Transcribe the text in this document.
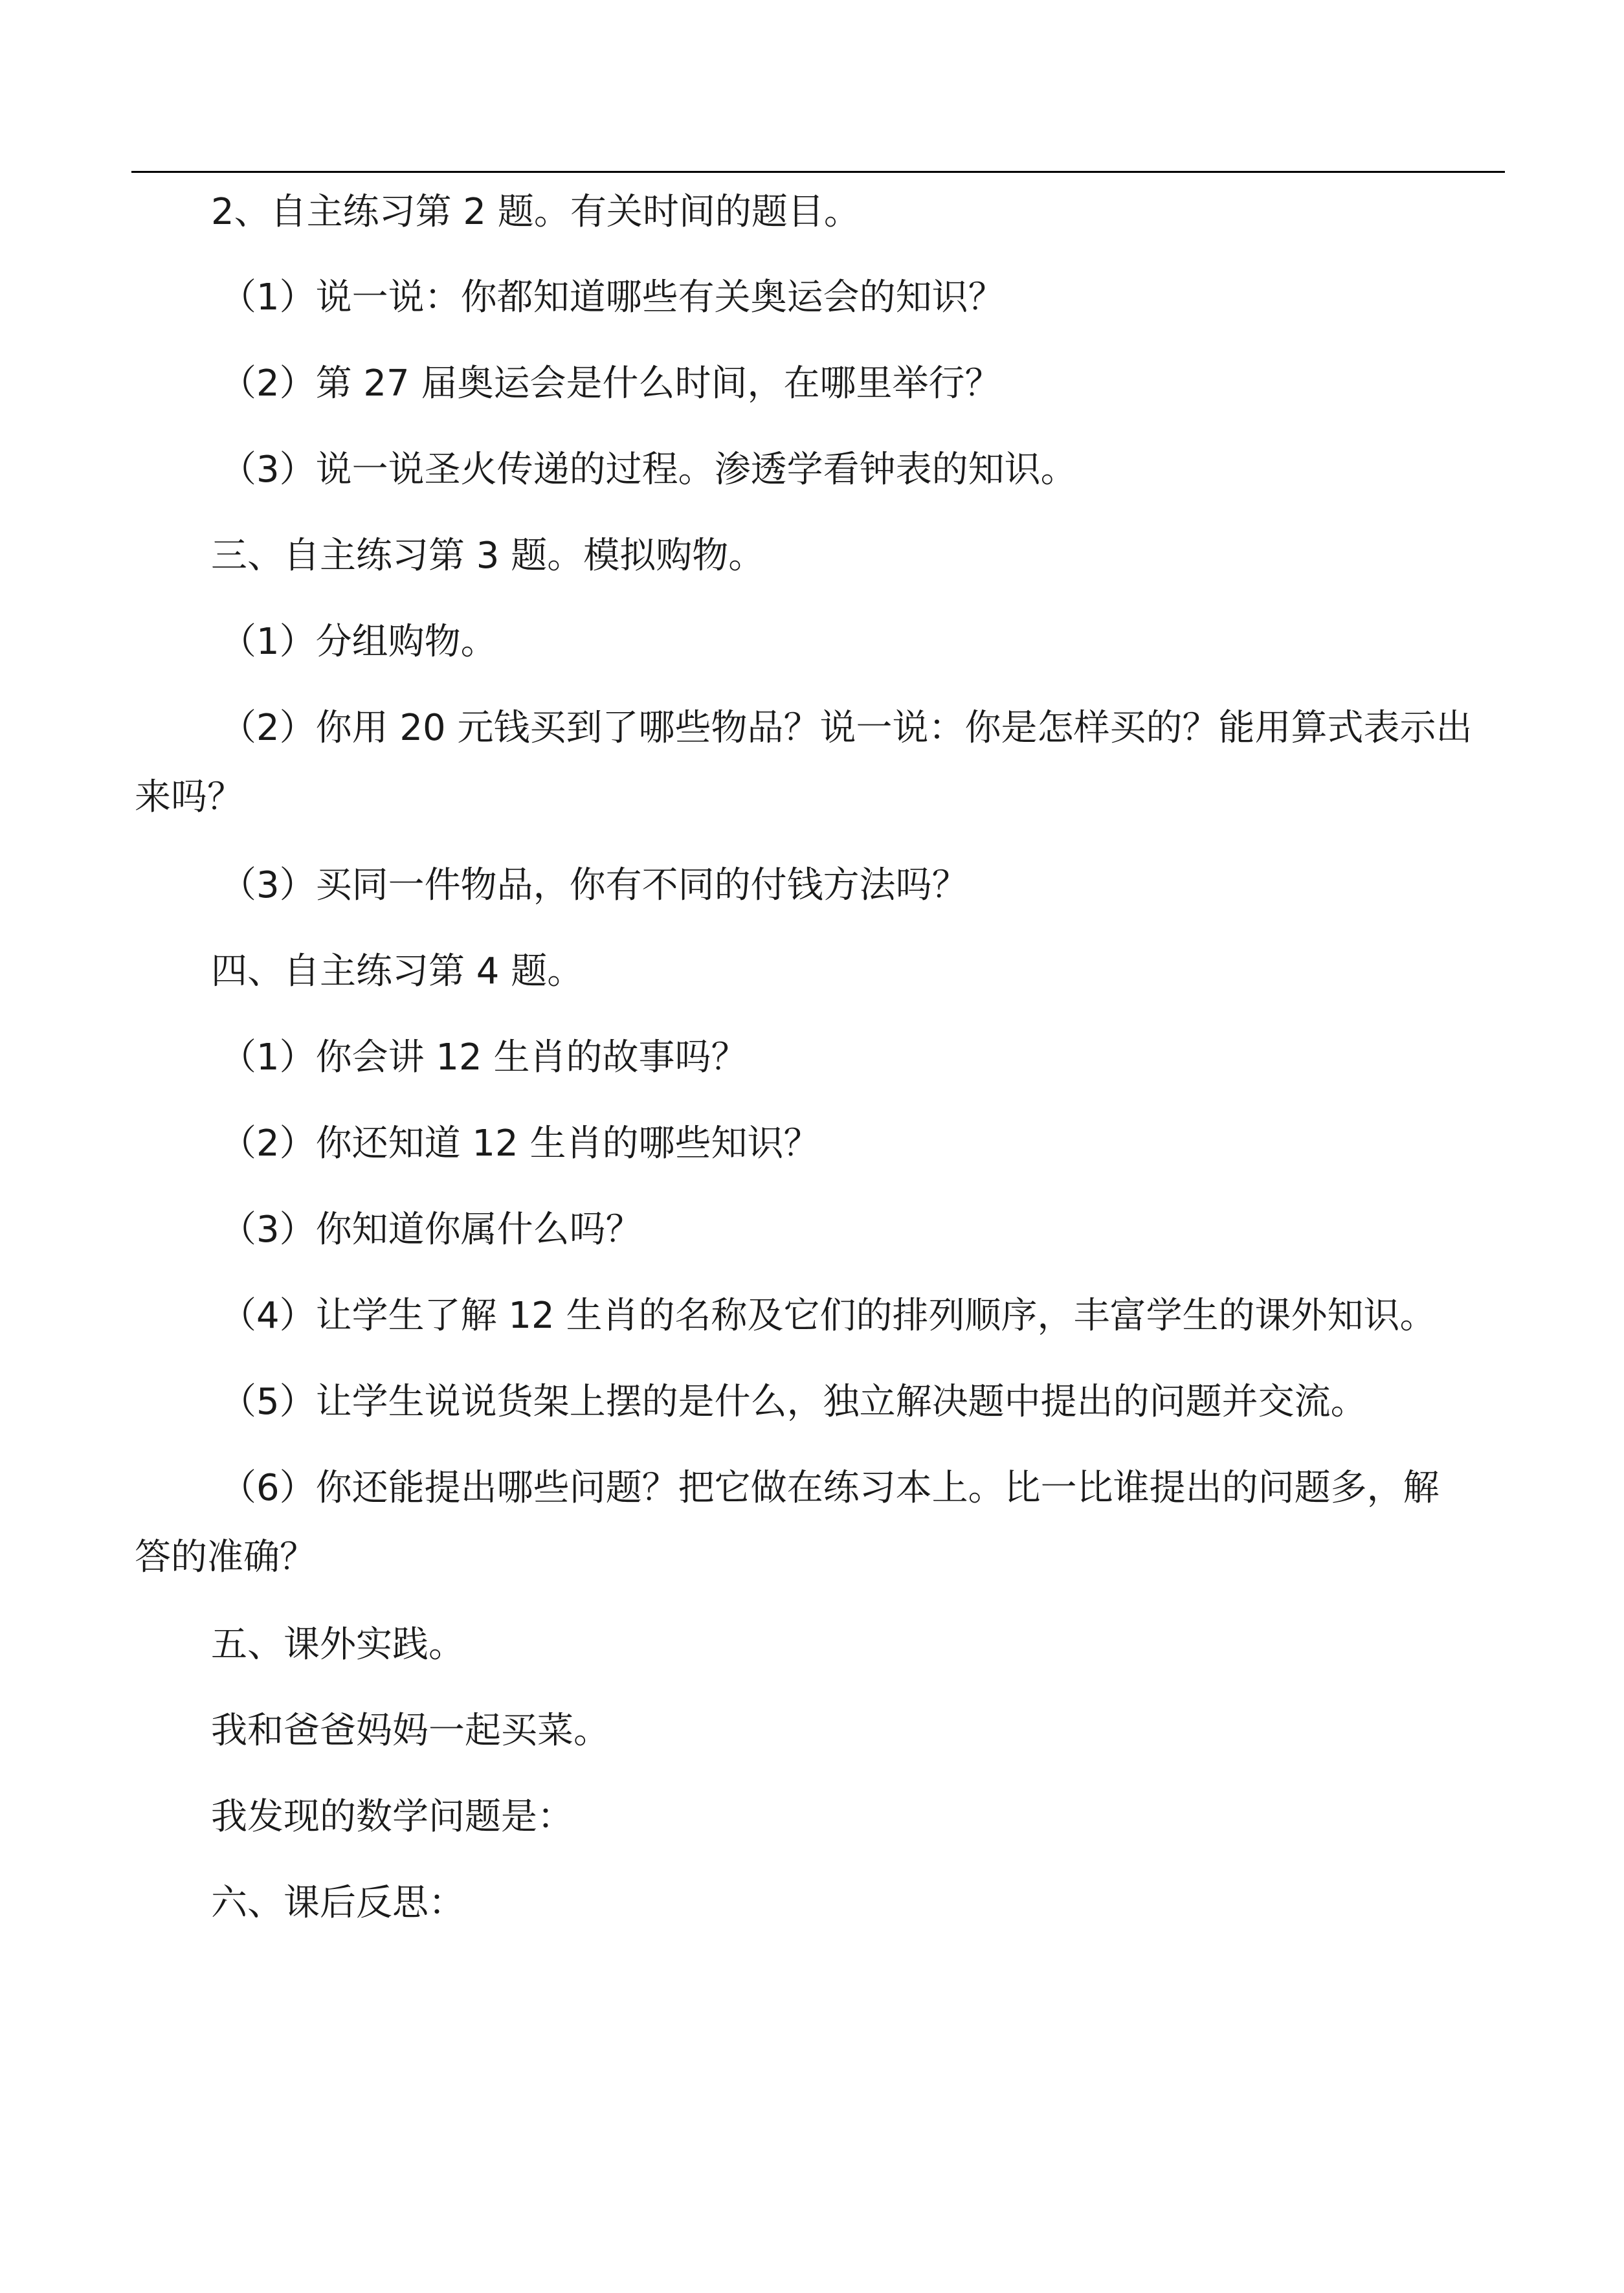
2、自主练习第 2 题。有关时间的题目。
（1）说一说：你都知道哪些有关奥运会的知识？
（2）第 27 届奥运会是什么时间，在哪里举行？
（3）说一说圣火传递的过程。渗透学看钟表的知识。
三、自主练习第 3 题。模拟购物。
（1）分组购物。
（2）你用 20 元钱买到了哪些物品？说一说：你是怎样买的？能用算式表示出
来吗？
（3）买同一件物品，你有不同的付钱方法吗？
四、自主练习第 4 题。
（1）你会讲 12 生肖的故事吗？
（2）你还知道 12 生肖的哪些知识？
（3）你知道你属什么吗？
（4）让学生了解 12 生肖的名称及它们的排列顺序，丰富学生的课外知识。
（5）让学生说说货架上摆的是什么，独立解决题中提出的问题并交流。
（6）你还能提出哪些问题？把它做在练习本上。比一比谁提出的问题多，解
答的准确？
五、课外实践。
我和爸爸妈妈一起买菜。
我发现的数学问题是：
六、课后反思：
